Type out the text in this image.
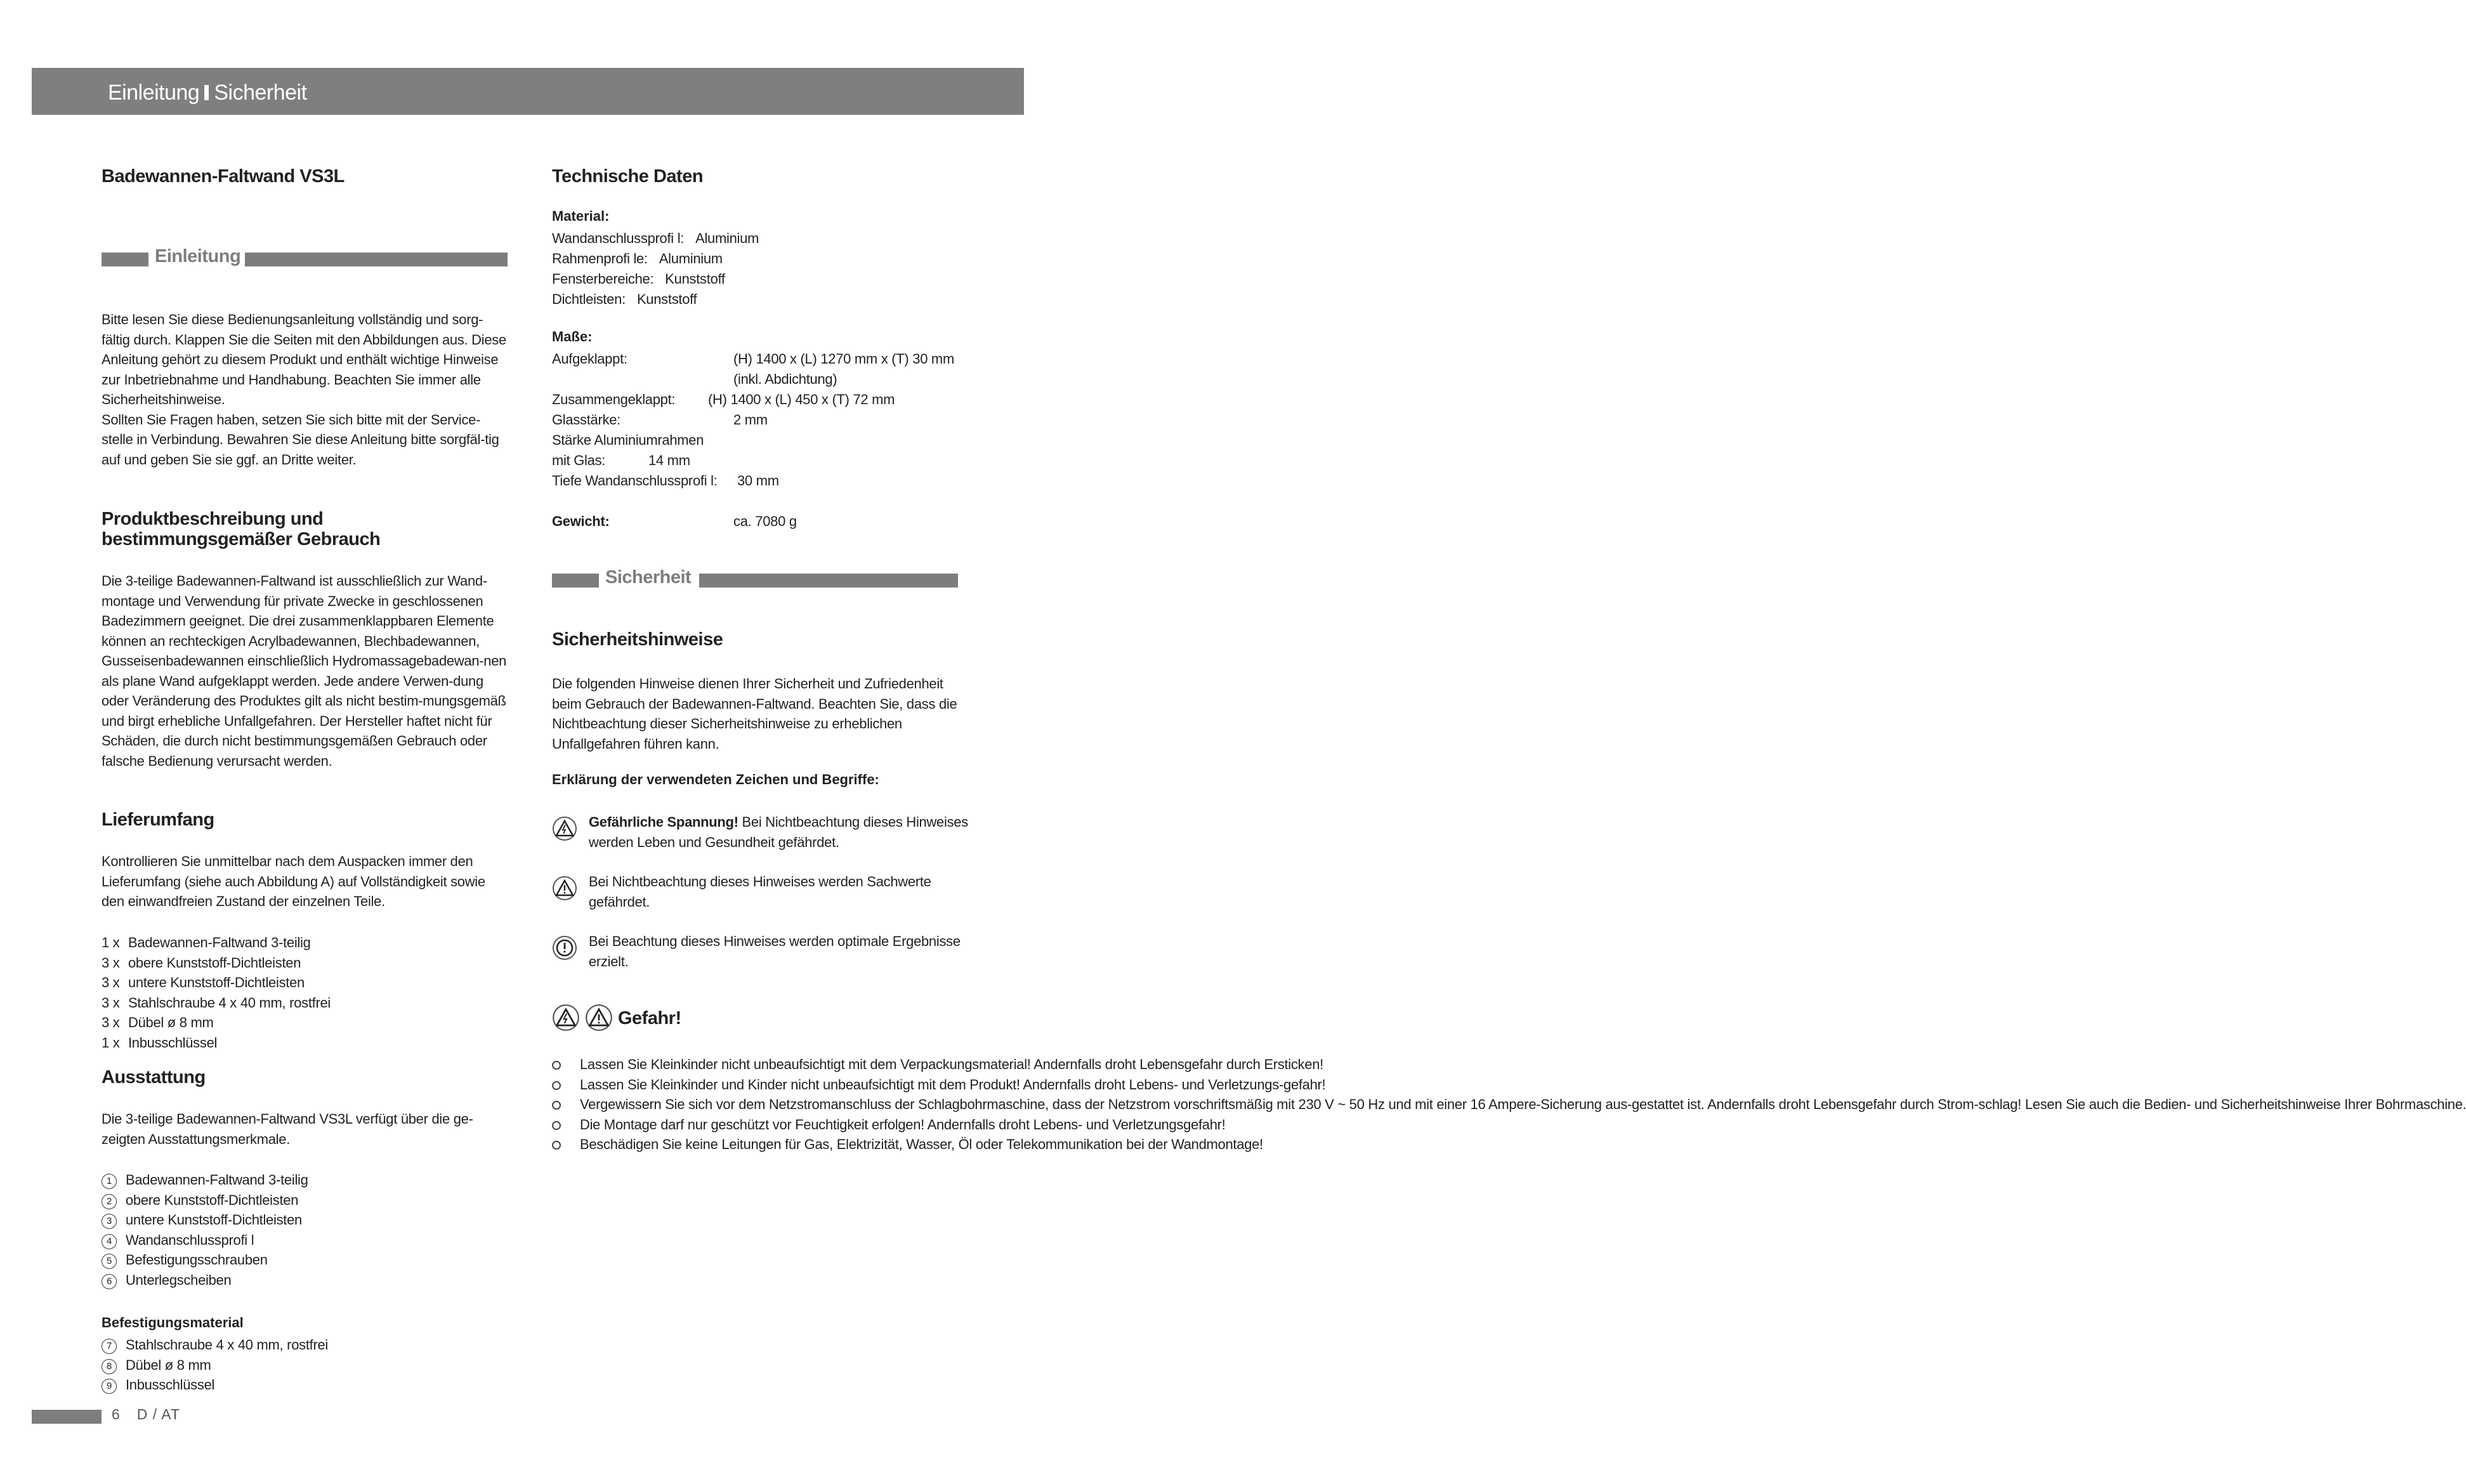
Einleitung Sicherheit
Badewannen-Faltwand VS3L
Einleitung

Bitte lesen Sie diese Bedienungsanleitung vollständig und sorg-fältig durch. Klappen Sie die Seiten mit den Abbildungen aus. Diese Anleitung gehört zu diesem Produkt und enthält wichtige Hinweise zur Inbetriebnahme und Handhabung. Beachten Sie immer alle Sicherheitshinweise.

Sollten Sie Fragen haben, setzen Sie sich bitte mit der Service-stelle in Verbindung. Bewahren Sie diese Anleitung bitte sorgfäl-tig auf und geben Sie sie ggf. an Dritte weiter.

Produktbeschreibung und bestimmungsgemäßer Gebrauch

Die 3-teilige Badewannen-Faltwand ist ausschließlich zur Wand-montage und Verwendung für private Zwecke in geschlossenen Badezimmern geeignet. Die drei zusammenklappbaren Elemente können an rechteckigen Acrylbadewannen, Blechbadewannen, Gusseisenbadewannen einschließlich Hydromassagebadewan-nen als plane Wand aufgeklappt werden. Jede andere Verwen-dung oder Veränderung des Produktes gilt als nicht bestim-mungsgemäß und birgt erhebliche Unfallgefahren. Der Hersteller haftet nicht für Schäden, die durch nicht bestimmungsgemäßen Gebrauch oder falsche Bedienung verursacht werden.

Lieferumfang

Kontrollieren Sie unmittelbar nach dem Auspacken immer den Lieferumfang (siehe auch Abbildung A) auf Vollständigkeit sowie den einwandfreien Zustand der einzelnen Teile.

1 x Badewannen-Faltwand 3-teilig
3 x obere Kunststoff-Dichtleisten
3 x untere Kunststoff-Dichtleisten
3 x Stahlschraube 4 x 40 mm, rostfrei
3 x Dübel ø 8 mm
1 x Inbusschlüssel
Ausstattung

Die 3-teilige Badewannen-Faltwand VS3L verfügt über die ge-zeigten Ausstattungsmerkmale.

1 Badewannen-Faltwand 3-teilig
2 obere Kunststoff-Dichtleisten
3 untere Kunststoff-Dichtleisten
4 Wandanschlussprofi l
5 Befestigungsschrauben
6 Unterlegscheiben
Befestigungsmaterial
7 Stahlschraube 4 x 40 mm, rostfrei
8 Dübel ø 8 mm
9 Inbusschlüssel
Technische Daten
Material:
Wandanschlussprofi l: Aluminium
Rahmenprofi le: Aluminium
Fensterbereiche: Kunststoff
Dichtleisten: Kunststoff
Maße:
Aufgeklappt:	(H) 1400 x (L) 1270 mm x (T) 30 mm
(inkl. Abdichtung)
Zusammengeklappt: (H) 1400 x (L) 450 x (T) 72 mm
Glasstärke:	2 mm
Stärke Aluminiumrahmen
mit Glas:	14 mm
Tiefe Wandanschlussprofi l: 30 mm
Gewicht:	ca. 7080 g
Sicherheit
Sicherheitshinweise

Die folgenden Hinweise dienen Ihrer Sicherheit und Zufriedenheit beim Gebrauch der Badewannen-Faltwand. Beachten Sie, dass die Nichtbeachtung dieser Sicherheitshinweise zu erheblichen Unfallgefahren führen kann.

Erklärung der verwendeten Zeichen und Begriffe:
Gefährliche Spannung! Bei Nichtbeachtung dieses Hinweises werden Leben und Gesundheit gefährdet.
Bei Nichtbeachtung dieses Hinweises werden Sachwerte gefährdet.
Bei Beachtung dieses Hinweises werden optimale Ergebnisse erzielt.
Gefahr!
Lassen Sie Kleinkinder nicht unbeaufsichtigt mit dem Verpackungsmaterial! Andernfalls droht Lebensgefahr durch Ersticken!
Lassen Sie Kleinkinder und Kinder nicht unbeaufsichtigt mit dem Produkt! Andernfalls droht Lebens- und Verletzungs-gefahr!
Vergewissern Sie sich vor dem Netzstromanschluss der Schlagbohrmaschine, dass der Netzstrom vorschriftsmäßig mit 230 V ~ 50 Hz und mit einer 16 Ampere-Sicherung aus-gestattet ist. Andernfalls droht Lebensgefahr durch Strom-schlag! Lesen Sie auch die Bedien- und Sicherheitshinweise Ihrer Bohrmaschine.
Die Montage darf nur geschützt vor Feuchtigkeit erfolgen! Andernfalls droht Lebens- und Verletzungsgefahr!
Beschädigen Sie keine Leitungen für Gas, Elektrizität, Wasser, Öl oder Telekommunikation bei der Wandmontage!
6 D / AT
